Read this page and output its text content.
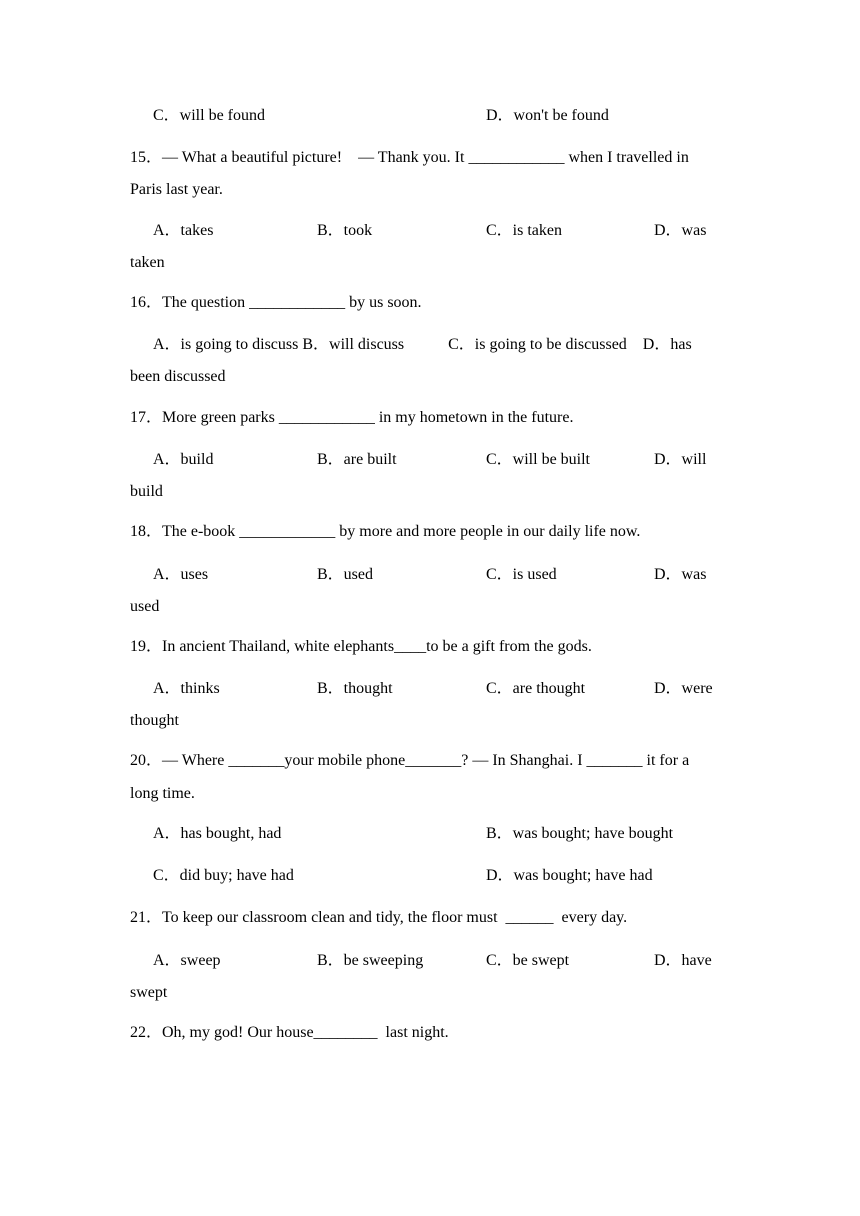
C．will be found	D．won't be found
15．— What a beautiful picture!    — Thank you. It ____________ when I travelled in
Paris last year.
A．takes	B．took	C．is taken	D．was
taken
16．The question ____________ by us soon.
A．is going to discuss B．will discuss           C．is going to be discussed    D．has
been discussed
17．More green parks ____________ in my hometown in the future.
A．build	B．are built	C．will be built	D．will
build
18．The e-book ____________ by more and more people in our daily life now.
A．uses	B．used	C．is used	D．was
used
19．In ancient Thailand, white elephants____to be a gift from the gods.
A．thinks	B．thought	C．are thought	D．were
thought
20．— Where _______your mobile phone_______? — In Shanghai. I _______ it for a
long time.
A．has bought, had	B．was bought; have bought
C．did buy; have had	D．was bought; have had
21．To keep our classroom clean and tidy, the floor must  ______  every day.
A．sweep	B．be sweeping	C．be swept	D．have
swept
22．Oh, my god! Our house________  last night.
